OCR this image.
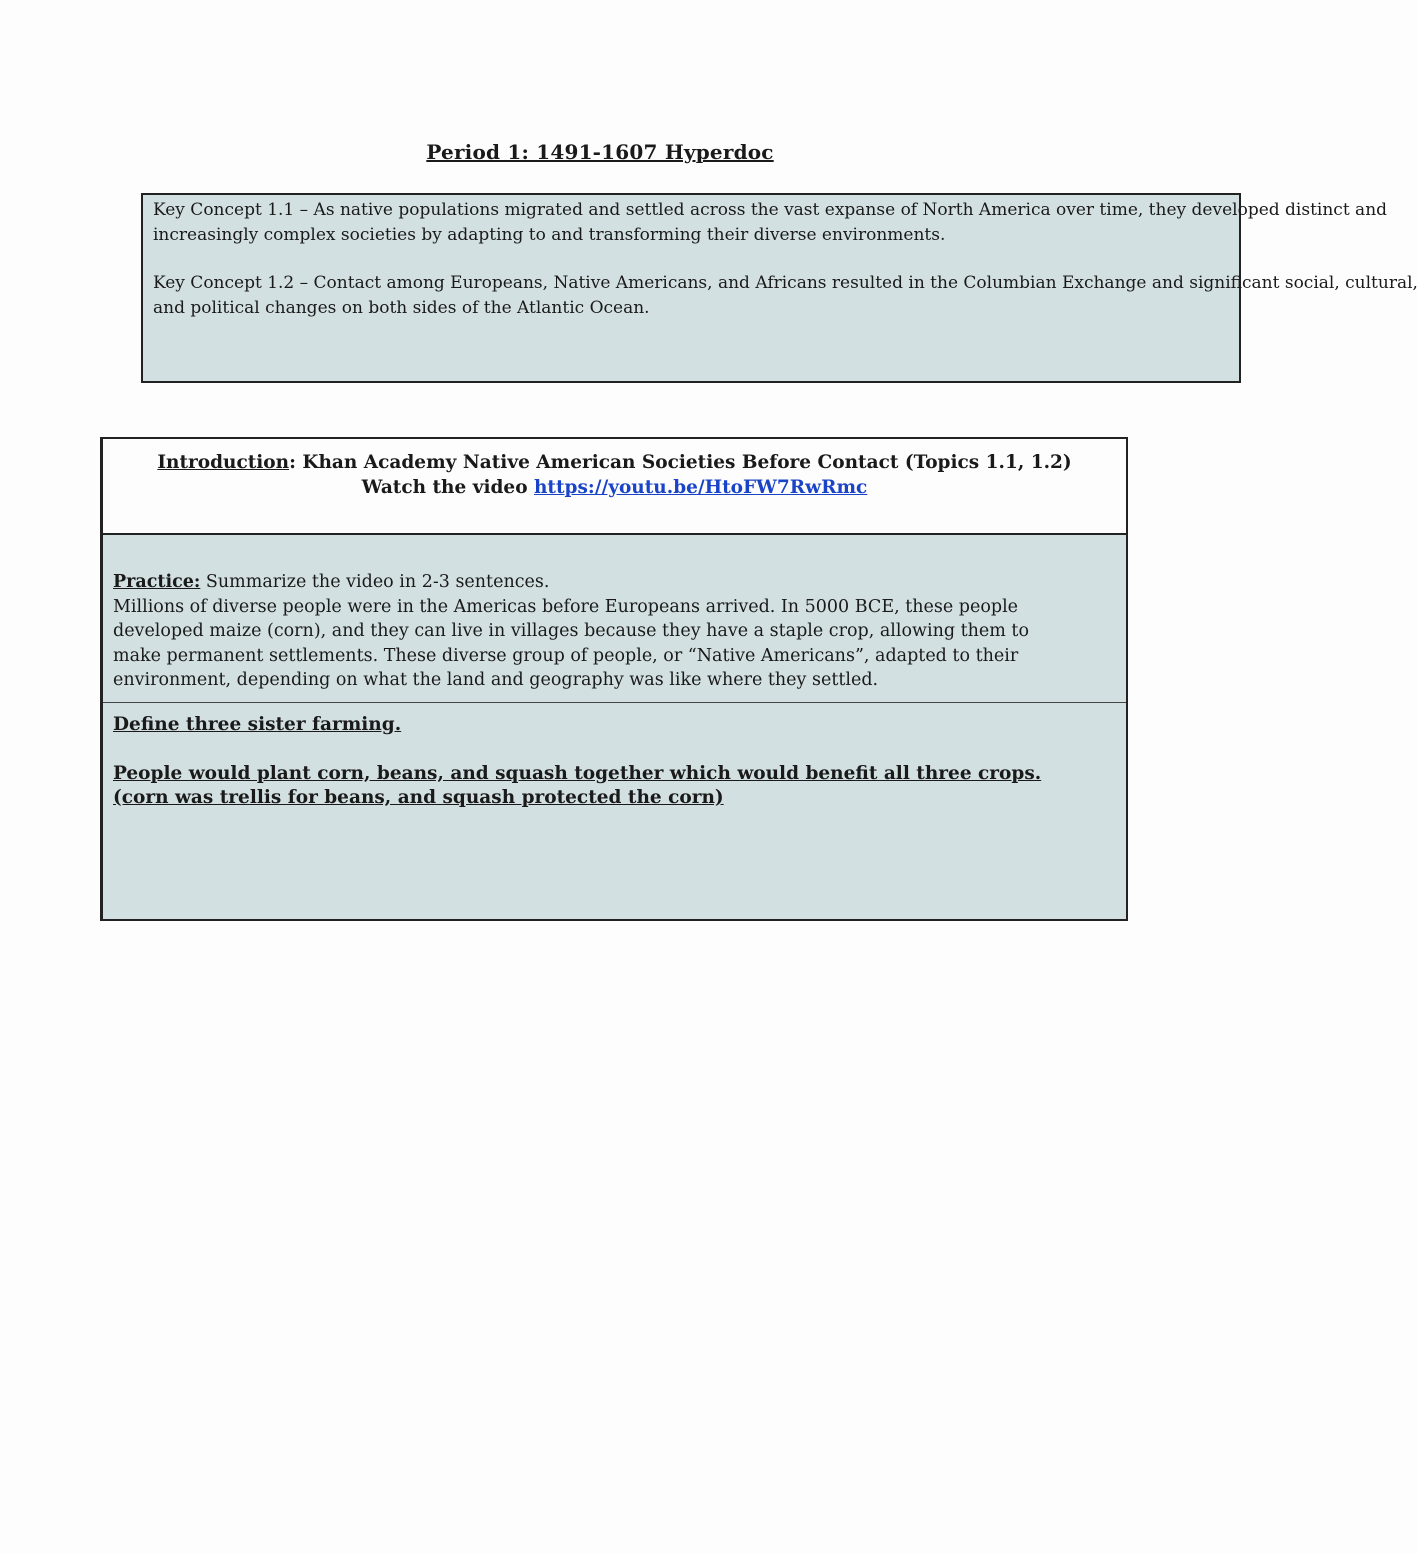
Period 1: 1491-1607 Hyperdoc

Key Concept 1.1 – As native populations migrated and settled across the vast expanse of North America over time, they developed distinct and
increasingly complex societies by adapting to and transforming their diverse environments.

Key Concept 1.2 – Contact among Europeans, Native Americans, and Africans resulted in the Columbian Exchange and significant social, cultural,
and political changes on both sides of the Atlantic Ocean.

Introduction: Khan Academy Native American Societies Before Contact (Topics 1.1, 1.2)
Watch the video https://youtu.be/HtoFW7RwRmc
Practice: Summarize the video in 2-3 sentences.
Millions of diverse people were in the Americas before Europeans arrived. In 5000 BCE, these people
developed maize (corn), and they can live in villages because they have a staple crop, allowing them to
make permanent settlements. These diverse group of people, or “Native Americans”, adapted to their
environment, depending on what the land and geography was like where they settled.

Define three sister farming.

People would plant corn, beans, and squash together which would benefit all three crops.
(corn was trellis for beans, and squash protected the corn)
